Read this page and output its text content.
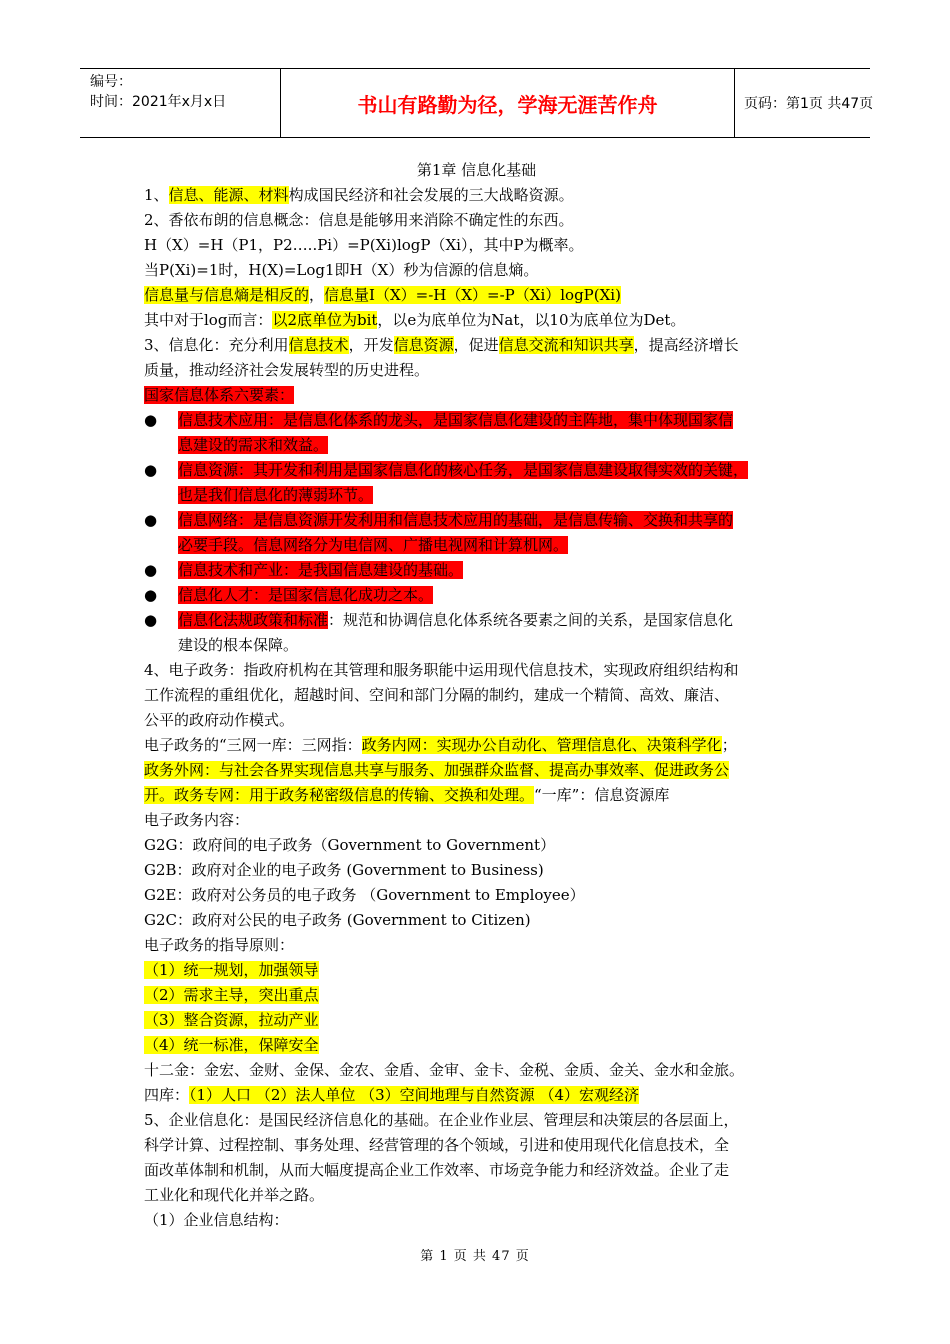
编号：
时间：2021年x月x日	书山有路勤为径，学海无涯苦作舟	页码：第1页 共47页
第1章 信息化基础
1、信息、能源、材料构成国民经济和社会发展的三大战略资源。
2、香依布朗的信息概念：信息是能够用来消除不确定性的东西。
H（X）=H（P1，P2…..Pi）=P(Xi)logP（Xi），其中P为概率。
当P(Xi)=1时，H(X)=Log1即H（X）秒为信源的信息熵。
信息量与信息熵是相反的，信息量I（X）=-H（X）=-P（Xi）logP(Xi)
其中对于log而言：以2底单位为bit，以e为底单位为Nat，以10为底单位为Det。
3、信息化：充分利用信息技术，开发信息资源，促进信息交流和知识共享，提高经济增长
质量，推动经济社会发展转型的历史进程。
国家信息体系六要素：
● 信息技术应用：是信息化体系的龙头，是国家信息化建设的主阵地，集中体现国家信
息建设的需求和效益。
● 信息资源：其开发和利用是国家信息化的核心任务，是国家信息建设取得实效的关键，
也是我们信息化的薄弱环节。
● 信息网络：是信息资源开发利用和信息技术应用的基础，是信息传输、交换和共享的
必要手段。信息网络分为电信网、广播电视网和计算机网。
● 信息技术和产业：是我国信息建设的基础。
● 信息化人才：是国家信息化成功之本。
● 信息化法规政策和标准：规范和协调信息化体系统各要素之间的关系，是国家信息化
建设的根本保障。
4、电子政务：指政府机构在其管理和服务职能中运用现代信息技术，实现政府组织结构和
工作流程的重组优化，超越时间、空间和部门分隔的制约，建成一个精简、高效、廉洁、
公平的政府动作模式。
电子政务的“三网一库：三网指：政务内网：实现办公自动化、管理信息化、决策科学化；
政务外网：与社会各界实现信息共享与服务、加强群众监督、提高办事效率、促进政务公
开。政务专网：用于政务秘密级信息的传输、交换和处理。“一库”：信息资源库
电子政务内容：
G2G：政府间的电子政务（Government to Government）
G2B：政府对企业的电子政务 (Government to Business)
G2E：政府对公务员的电子政务 （Government to Employee）
G2C：政府对公民的电子政务 (Government to Citizen)
电子政务的指导原则：
（1）统一规划，加强领导
（2）需求主导，突出重点
（3）整合资源，拉动产业
（4）统一标准，保障安全
十二金：金宏、金财、金保、金农、金盾、金审、金卡、金税、金质、金关、金水和金旅。
四库：（1）人口 （2）法人单位 （3）空间地理与自然资源 （4）宏观经济
5、企业信息化：是国民经济信息化的基础。在企业作业层、管理层和决策层的各层面上，
科学计算、过程控制、事务处理、经营管理的各个领域，引进和使用现代化信息技术，全
面改革体制和机制，从而大幅度提高企业工作效率、市场竞争能力和经济效益。企业了走
工业化和现代化并举之路。
（1）企业信息结构：
第 1 页 共 47 页
